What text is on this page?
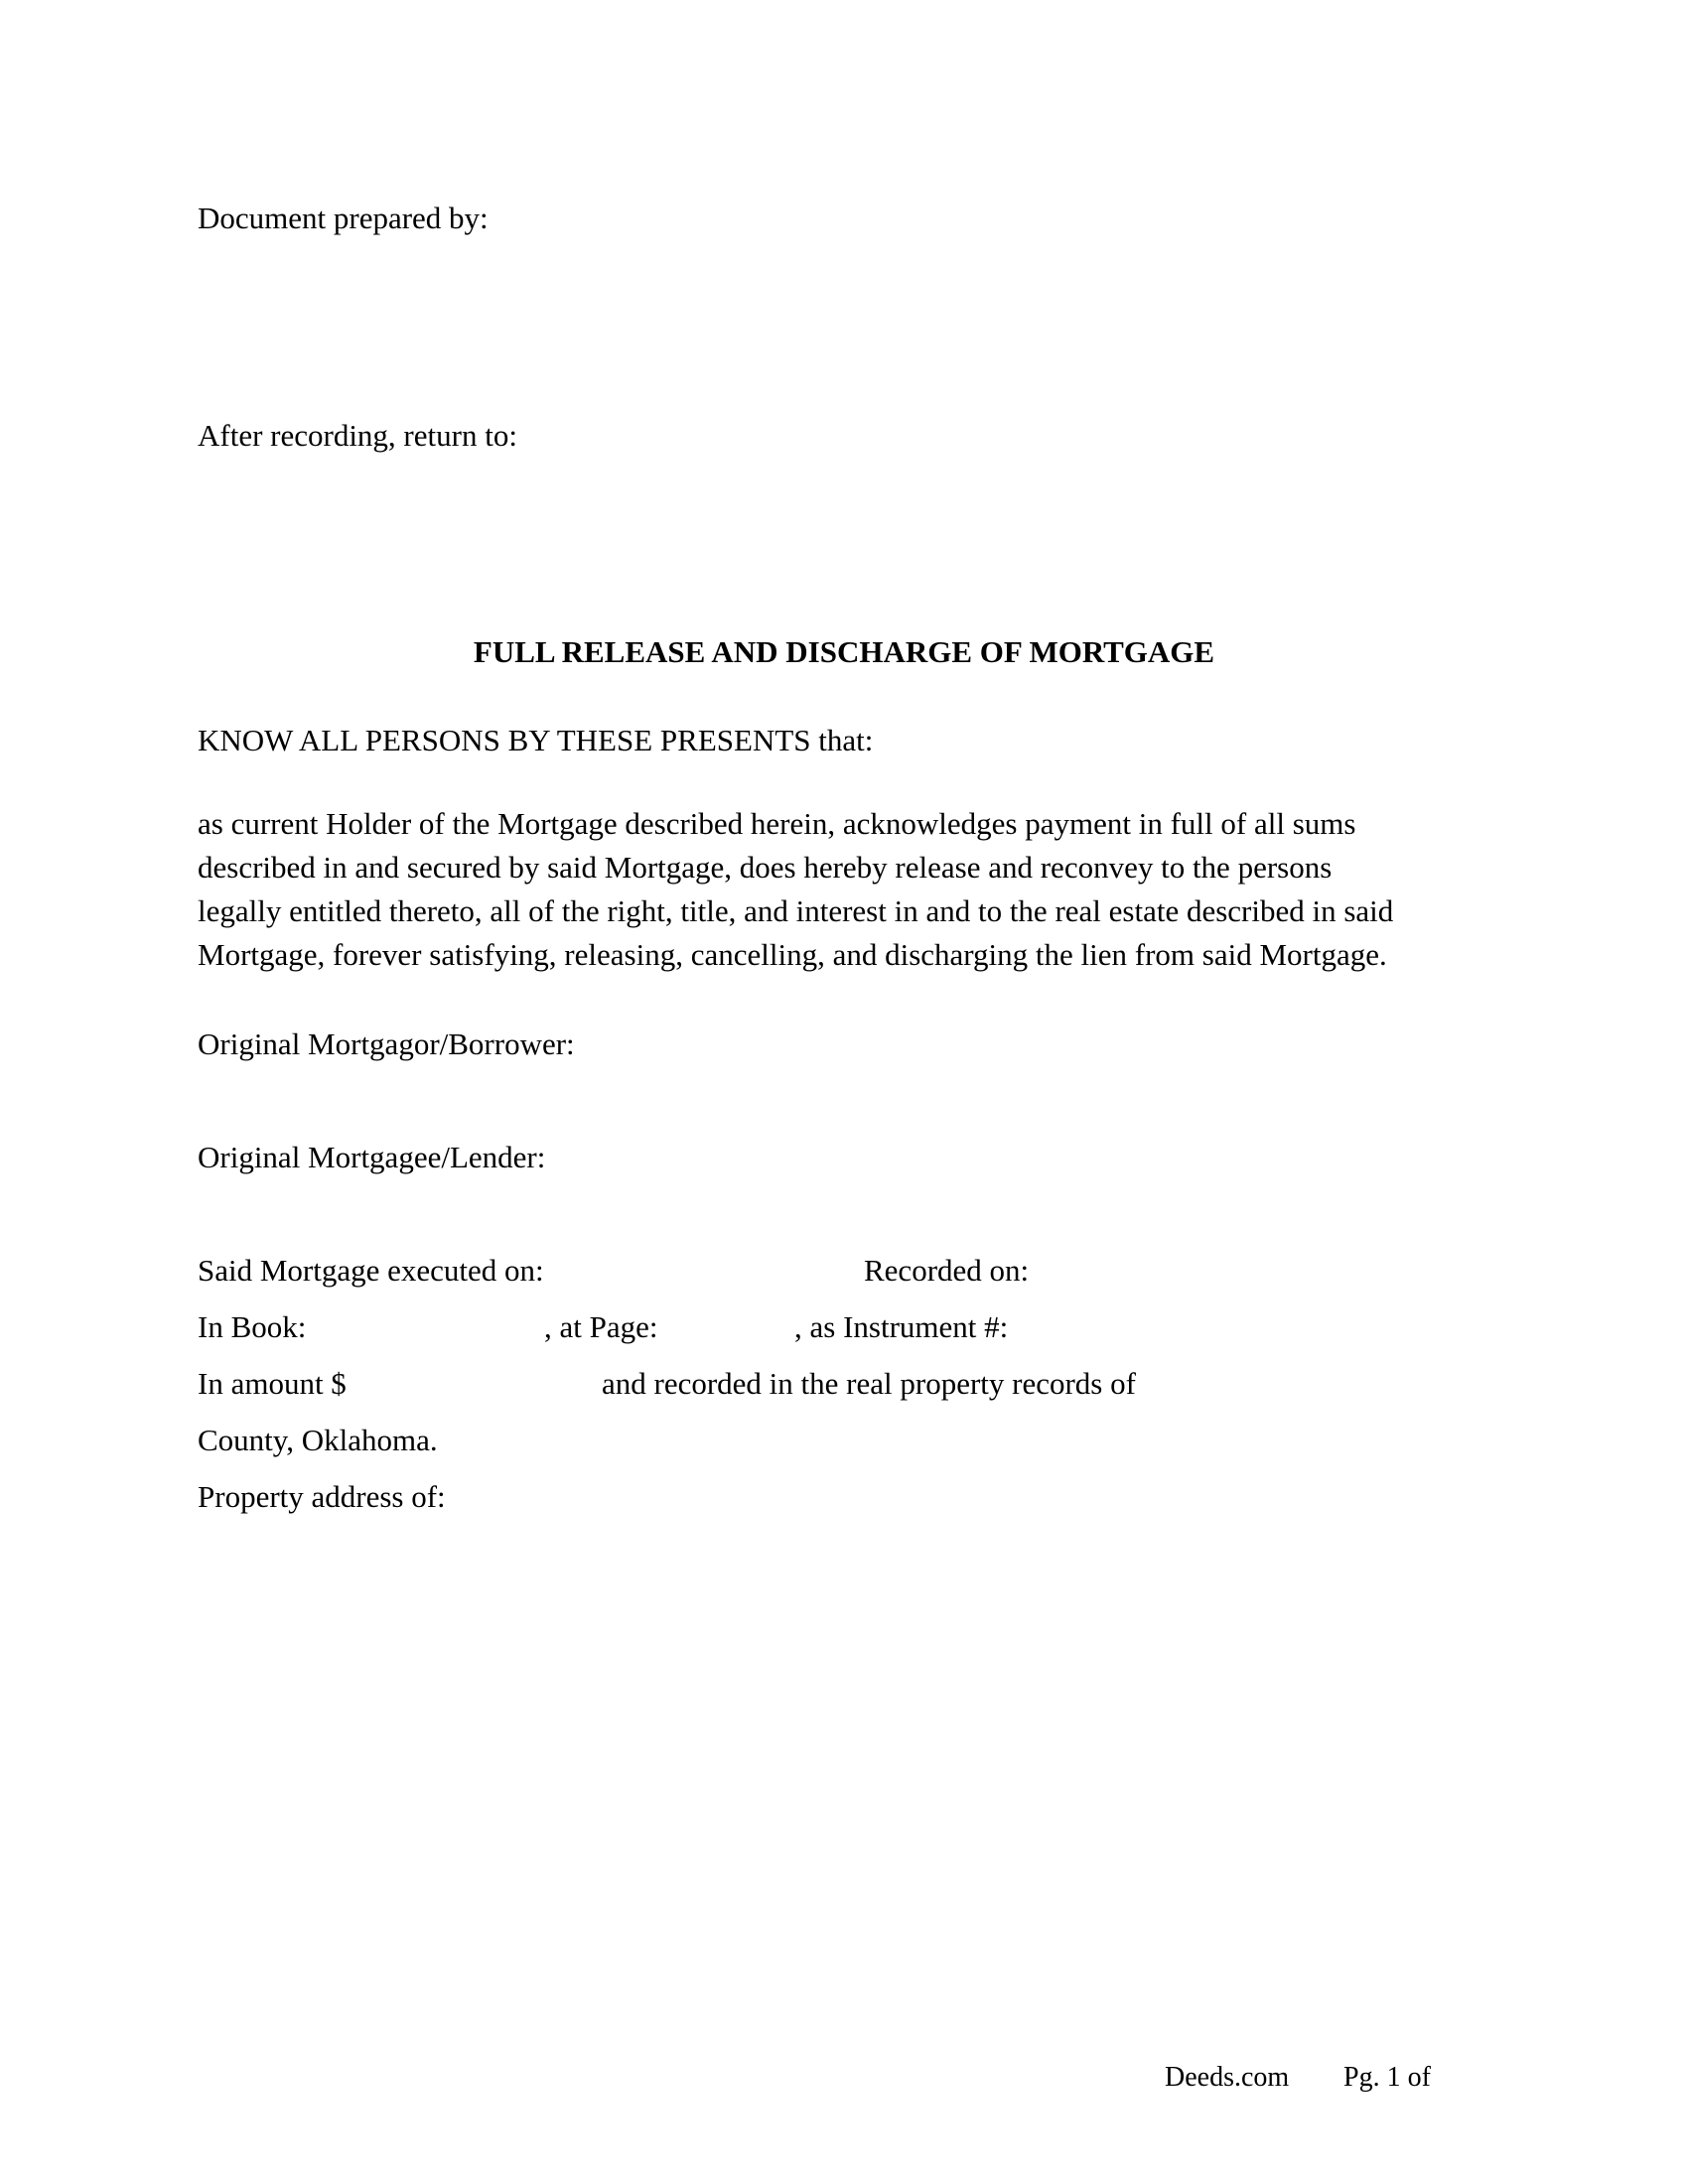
Document prepared by:
After recording, return to:
FULL RELEASE AND DISCHARGE OF MORTGAGE
KNOW ALL PERSONS BY THESE PRESENTS that:
as current Holder of the Mortgage described herein, acknowledges payment in full of all sums
described in and secured by said Mortgage, does hereby release and reconvey to the persons
legally entitled thereto, all of the right, title, and interest in and to the real estate described in said
Mortgage, forever satisfying, releasing, cancelling, and discharging the lien from said Mortgage.
Original Mortgagor/Borrower:
Original Mortgagee/Lender:
Said Mortgage executed on:	Recorded on:
In Book:	, at Page:	, as Instrument #:
In amount $	and recorded in the real property records of
County, Oklahoma.
Property address of:
Deeds.com Pg. 1 of
